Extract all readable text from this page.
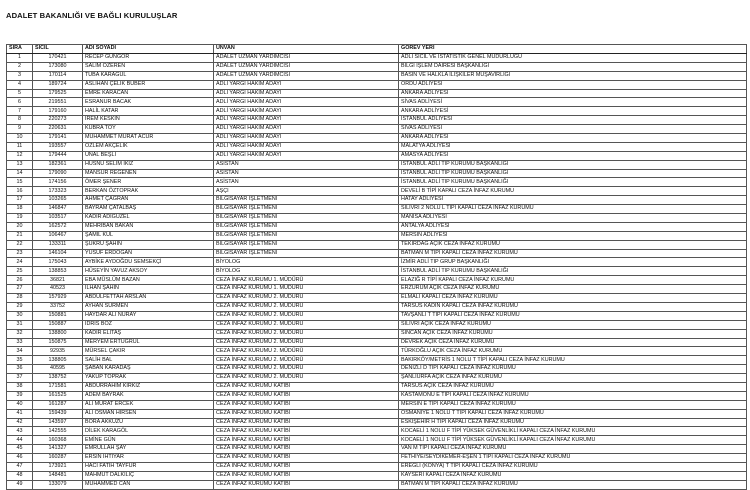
ADALET BAKANLIĞI VE BAĞLI KURULUŞLAR
SIRA	SİCİL	ADI SOYADI	UNVAN	GÖREV YERİ
1	170421	RECEP GÜNGÖR	ADALET UZMAN YARDIMCISI	ADLİ SİCİL VE İSTATİSTİK GENEL MÜDÜRLÜĞÜ
2	173080	SALİM ÖZEREN	ADALET UZMAN YARDIMCISI	BİLGİ İŞLEM DAİRESİ BAŞKANLIĞI
3	170114	TUBA KARAGÜL	ADALET UZMAN YARDIMCISI	BASIN VE HALKLA İLİŞKİLER MÜŞAVİRLİĞİ
4	189724	ASLIHAN ÇELİK BÜBER	ADLİ YARGI HAKİM ADAYI	ORDU ADLİYESİ
5	179525	EMRE KARACAN	ADLİ YARGI HAKİM ADAYI	ANKARA ADLİYESİ
6	219551	ESRANUR BACAK	ADLİ YARGI HAKİM ADAYI	SİVAS ADLİYESİ
7	179160	HALİL KATAR	ADLİ YARGI HAKİM ADAYI	ANKARA ADLİYESİ
8	220273	İREM KESKİN	ADLİ YARGI HAKİM ADAYI	İSTANBUL ADLİYESİ
9	220631	KÜBRA TOY	ADLİ YARGI HAKİM ADAYI	SİVAS ADLİYESİ
10	179141	MUHAMMET MURAT ACUR	ADLİ YARGI HAKİM ADAYI	ANKARA ADLİYESİ
11	193557	ÖZLEM AKÇELİK	ADLİ YARGI HAKİM ADAYI	MALATYA ADLİYESİ
12	179444	ÜNAL BEŞLİ	ADLİ YARGI HAKİM ADAYI	AMASYA ADLİYESİ
13	182361	HÜSNÜ SELİM İKİZ	ASİSTAN	İSTANBUL ADLİ TIP KURUMU BAŞKANLIĞI
14	179090	MANSUR REĞENEN	ASİSTAN	İSTANBUL ADLİ TIP KURUMU BAŞKANLIĞI
15	174156	ÖMER ŞENER	ASİSTAN	İSTANBUL ADLİ TIP KURUMU BAŞKANLIĞI
16	173323	BERKAN ÖZTOPRAK	AŞÇI	DEVELİ B TİPİ KAPALI CEZA İNFAZ KURUMU
17	103265	AHMET ÇAĞRAN	BİLGİSAYAR İŞLETMENİ	HATAY ADLİYESİ
18	146847	BAYRAM ÇATALBAŞ	BİLGİSAYAR İŞLETMENİ	SİLİVRİ 2 NOLU L TİPİ KAPALI CEZA İNFAZ KURUMU
19	103517	KADİR ADIGÜZEL	BİLGİSAYAR İŞLETMENİ	MANİSA ADLİYESİ
20	162572	MEHRİBAN BAKAN	BİLGİSAYAR İŞLETMENİ	ANTALYA ADLİYESİ
21	106467	ŞAMİL KUL	BİLGİSAYAR İŞLETMENİ	MERSİN ADLİYESİ
22	133311	ŞÜKRÜ ŞAHİN	BİLGİSAYAR İŞLETMENİ	TEKİRDAĞ AÇIK CEZA İNFAZ KURUMU
23	146104	YUSUF ERDOĞAN	BİLGİSAYAR İŞLETMENİ	BATMAN M TİPİ KAPALI CEZA İNFAZ KURUMU
24	175043	AYBİKE AYDOĞDU SEMSEKÇİ	BİYOLOG	İZMİR ADLİ TIP GRUP BAŞKANLIĞI
25	138853	HÜSEYİN YAVUZ AKSOY	BİYOLOG	İSTANBUL ADLİ TIP KURUMU BAŞKANLIĞI
26	36821	EBA MÜSLÜM BAZAN	CEZA İNFAZ KURUMU 1. MÜDÜRÜ	ELAZIĞ R TİPİ KAPALI CEZA İNFAZ KURUMU
27	40523	İLHAN ŞAHİN	CEZA İNFAZ KURUMU 1. MÜDÜRÜ	ERZURUM AÇIK CEZA İNFAZ KURUMU
28	157929	ABDULFETTAH ARSLAN	CEZA İNFAZ KURUMU 2. MÜDÜRÜ	ELMALI KAPALI CEZA İNFAZ KURUMU
29	33752	AYHAN SÜRMEN	CEZA İNFAZ KURUMU 2. MÜDÜRÜ	TARSUS KADIN KAPALI CEZA İNFAZ KURUMU
30	150881	HAYDAR ALİ NURAY	CEZA İNFAZ KURUMU 2. MÜDÜRÜ	TAVŞANLI T TİPİ KAPALI CEZA İNFAZ KURUMU
31	150887	İDRİS BOZ	CEZA İNFAZ KURUMU 2. MÜDÜRÜ	SİLİVRİ AÇIK CEZA İNFAZ KURUMU
32	138800	KADİR ELİTAŞ	CEZA İNFAZ KURUMU 2. MÜDÜRÜ	SİNCAN AÇIK CEZA İNFAZ KURUMU
33	150875	MERYEM ERTUĞRUL	CEZA İNFAZ KURUMU 2. MÜDÜRÜ	DEVREK AÇIK CEZA İNFAZ KURUMU
34	92935	MÜRSEL ÇAKIR	CEZA İNFAZ KURUMU 2. MÜDÜRÜ	TÜRKOĞLU AÇIK CEZA İNFAZ KURUMU
35	138805	SALİH BAL	CEZA İNFAZ KURUMU 2. MÜDÜRÜ	BAKIRKÖY/METRİS 1 NOLU T TİPİ KAPALI CEZA İNFAZ KURUMU
36	40595	ŞABAN KARADAŞ	CEZA İNFAZ KURUMU 2. MÜDÜRÜ	DENİZLİ D TİPİ KAPALI CEZA İNFAZ KURUMU
37	138752	YAKUP TOPRAK	CEZA İNFAZ KURUMU 2. MÜDÜRÜ	ŞANLIURFA AÇIK CEZA İNFAZ KURUMU
38	171581	ABDURRAHİM KIRKIZ	CEZA İNFAZ KURUMU KATİBİ	TARSUS AÇIK CEZA İNFAZ KURUMU
39	161525	ADEM BAYRAK	CEZA İNFAZ KURUMU KATİBİ	KASTAMONU E TİPİ KAPALI CEZA İNFAZ KURUMU
40	161287	ALİ MURAT ERCEK	CEZA İNFAZ KURUMU KATİBİ	MERSİN E TİPİ KAPALI CEZA İNFAZ KURUMU
41	159439	ALİ OSMAN HİRSEN	CEZA İNFAZ KURUMU KATİBİ	OSMANİYE 1 NOLU T TİPİ KAPALI CEZA İNFAZ KURUMU
42	143597	BORA AKKUZU	CEZA İNFAZ KURUMU KATİBİ	ESKİŞEHİR H TİPİ KAPALI CEZA İNFAZ KURUMU
43	142555	DİLEK KARAGÖL	CEZA İNFAZ KURUMU KATİBİ	KOCAELİ 1 NOLU F TİPİ YÜKSEK GÜVENLİKLİ KAPALI CEZA İNFAZ KURUMU
44	160368	EMİNE GÜN	CEZA İNFAZ KURUMU KATİBİ	KOCAELİ 1 NOLU F TİPİ YÜKSEK GÜVENLİKLİ KAPALI CEZA İNFAZ KURUMU
45	141327	EMRULLAH ŞAY	CEZA İNFAZ KURUMU KATİBİ	VAN M TİPİ KAPALI CEZA İNFAZ KURUMU
46	160287	ERSİN İHTİYAR	CEZA İNFAZ KURUMU KATİBİ	FETHİYE/SEYDİKEMER-EŞEN 1 TİPİ KAPALI CEZA İNFAZ KURUMU
47	173921	HACI FATİH TAYFUR	CEZA İNFAZ KURUMU KATİBİ	EREĞLİ (KONYA) T TİPİ KAPALI CEZA İNFAZ KURUMU
48	148481	MAHMUT DALKILIÇ	CEZA İNFAZ KURUMU KATİBİ	KAYSERİ KAPALI CEZA İNFAZ KURUMU
49	133079	MUHAMMED CAN	CEZA İNFAZ KURUMU KATİBİ	BATMAN M TİPİ KAPALI CEZA İNFAZ KURUMU
